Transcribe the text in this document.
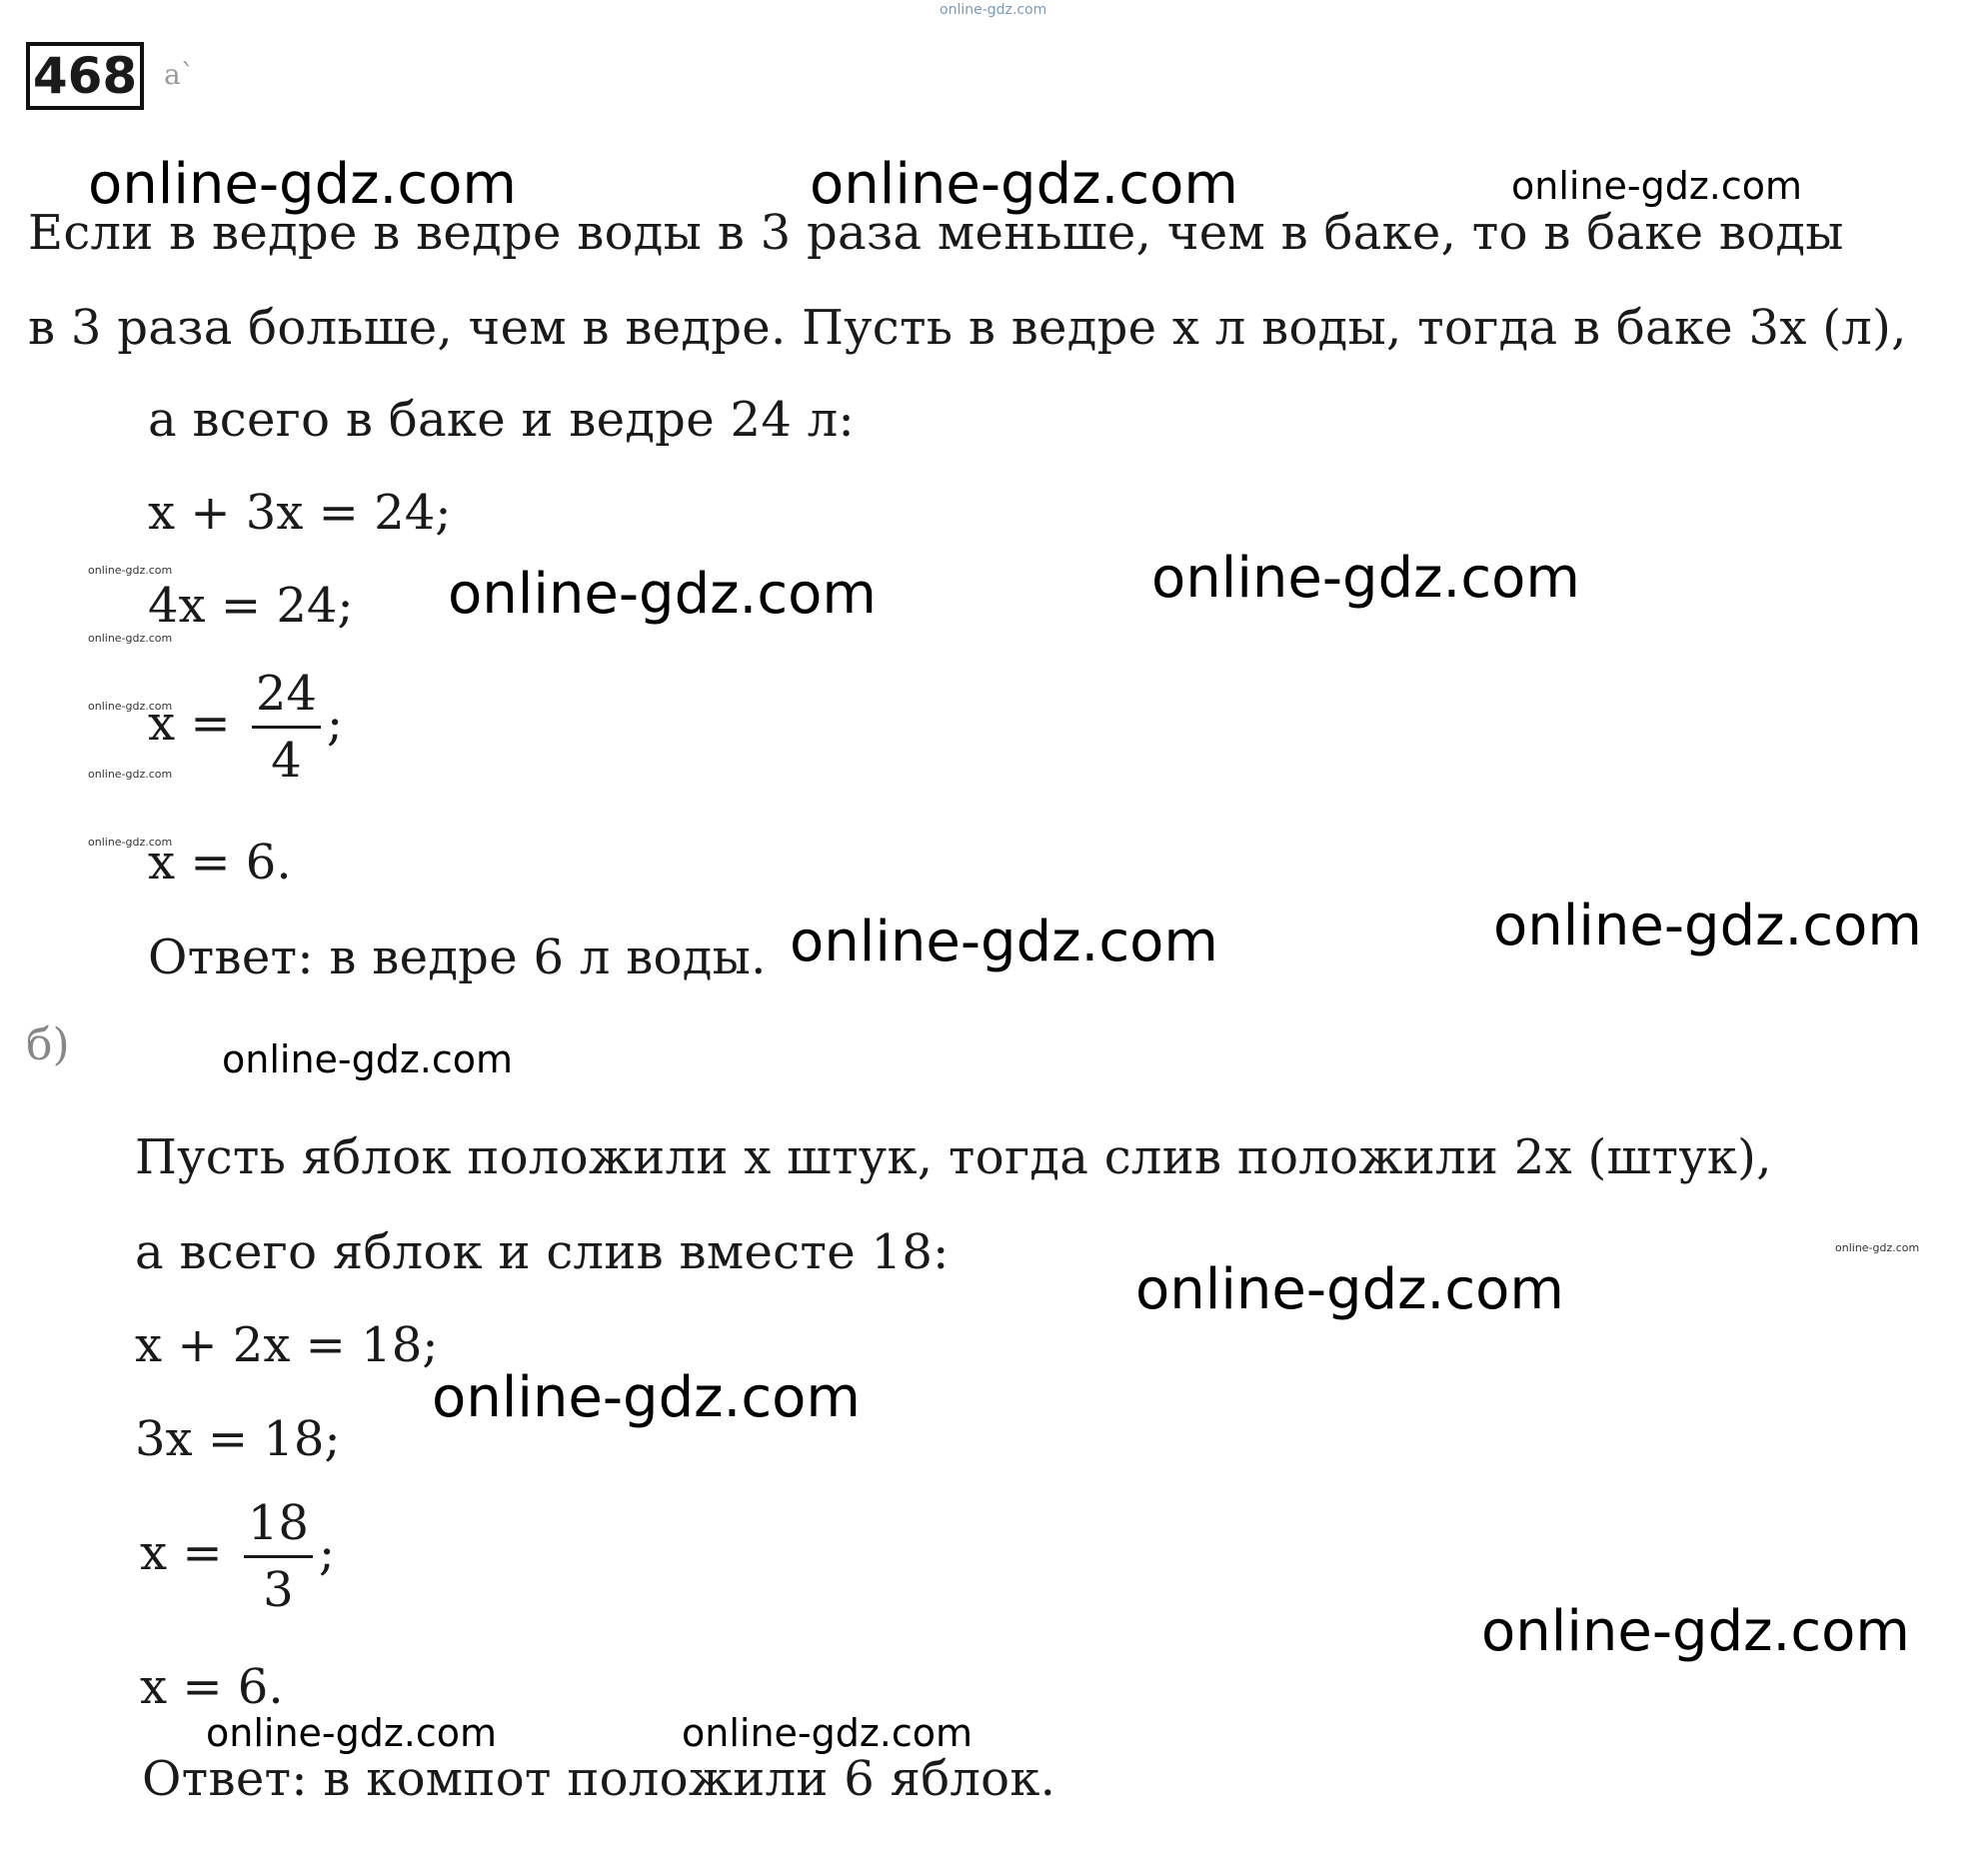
online-gdz.com
468 а`
Если в ведре в ведре воды в 3 раза меньше, чем в баке, то в баке воды
в 3 раза больше, чем в ведре. Пусть в ведре x л воды, тогда в баке 3x (л),
а всего в баке и ведре 24 л:
x + 3x = 24;
4x = 24;
$x = \frac{24}{4}$ ;
x = 6.
Ответ: в ведре 6 л воды.
б)
Пусть яблок положили x штук, тогда слив положили 2x (штук),
а всего яблок и слив вместе 18:
x + 2x = 18;
3x = 18;
$x = \frac{18}{3}$ ;
x = 6.
Ответ: в компот положили 6 яблок.
online-gdz.com	online-gdz.com	online-gdz.com
online-gdz.com	online-gdz.com
online-gdz.com	online-gdz.com
online-gdz.com
online-gdz.com
online-gdz.com
online-gdz.com
online-gdz.com	online-gdz.com
online-gdz.com
online-gdz.com
online-gdz.com
online-gdz.com
online-gdz.com
online-gdz.com
